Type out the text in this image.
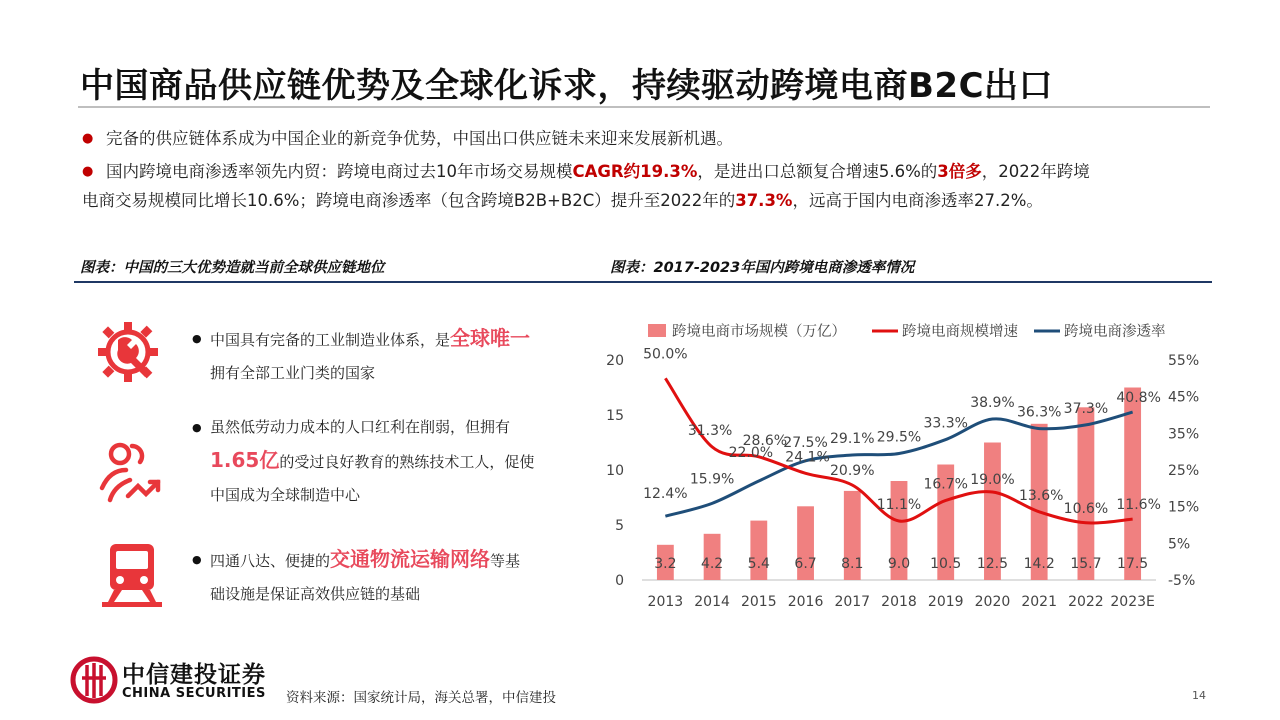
中国商品供应链优势及全球化诉求，持续驱动跨境电商B2C出口
● 完备的供应链体系成为中国企业的新竞争优势，中国出口供应链未来迎来发展新机遇。
● 国内跨境电商渗透率领先内贸：跨境电商过去10年市场交易规模CAGR约19.3%，是进出口总额复合增速5.6%的3倍多，2022年跨境
电商交易规模同比增长10.6%；跨境电商渗透率（包含跨境B2B+B2C）提升至2022年的37.3%，远高于国内电商渗透率27.2%。
图表：中国的三大优势造就当前全球供应链地位	图表：2017-2023年国内跨境电商渗透率情况
● 中国具有完备的工业制造业体系，是全球唯一
拥有全部工业门类的国家
● 虽然低劳动力成本的人口红利在削弱，但拥有
1.65亿的受过良好教育的熟练技术工人，促使
中国成为全球制造中心
● 四通八达、便捷的交通物流运输网络等基
础设施是保证高效供应链的基础
0
5
10
15
20
-5%
5%
15%
25%
35%
45%
55%
2013 2014 2015 2016 2017 2018 2019 2020 2021 2022 2023E
3.2 4.2 5.4 6.7 8.1 9.0 10.5 12.5 14.2 15.7 17.5
50.0%
31.3%
28.6%
24.1%
20.9%
11.1%
16.7% 19.0%
13.6%
10.6% 11.6%
12.4%
15.9%
22.0%
27.5% 29.1% 29.5%
33.3%
38.9%
36.3% 37.3%
40.8%
跨境电商市场规模（万亿）	跨境电商规模增速	跨境电商渗透率
中信建投证券
CHINA SECURITIES 资料来源：国家统计局，海关总署，中信建投	14
